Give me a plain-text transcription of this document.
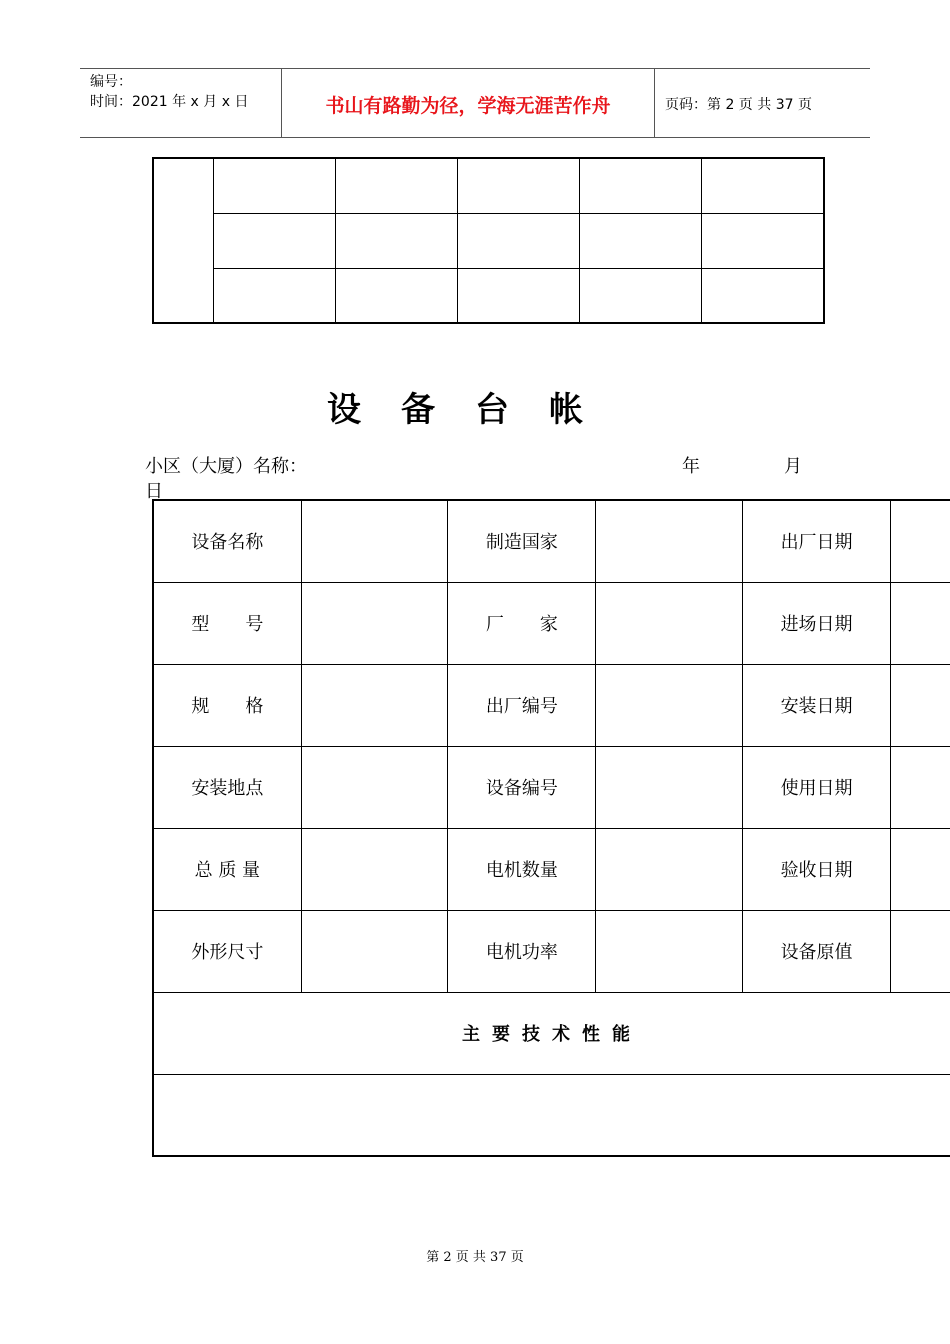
编号：
时间：2021 年 x 月 x 日	书山有路勤为径，学海无涯苦作舟	页码：第 2 页 共 37 页

设备台帐
小区（大厦）名称：	年	月
日
设备名称		制造国家		出厂日期	
型　　号		厂　　家		进场日期	
规　　格		出厂编号		安装日期	
安装地点		设备编号		使用日期	
总 质 量		电机数量		验收日期	
外形尺寸		电机功率		设备原值	
主要技术性能					

第 2 页 共 37 页
